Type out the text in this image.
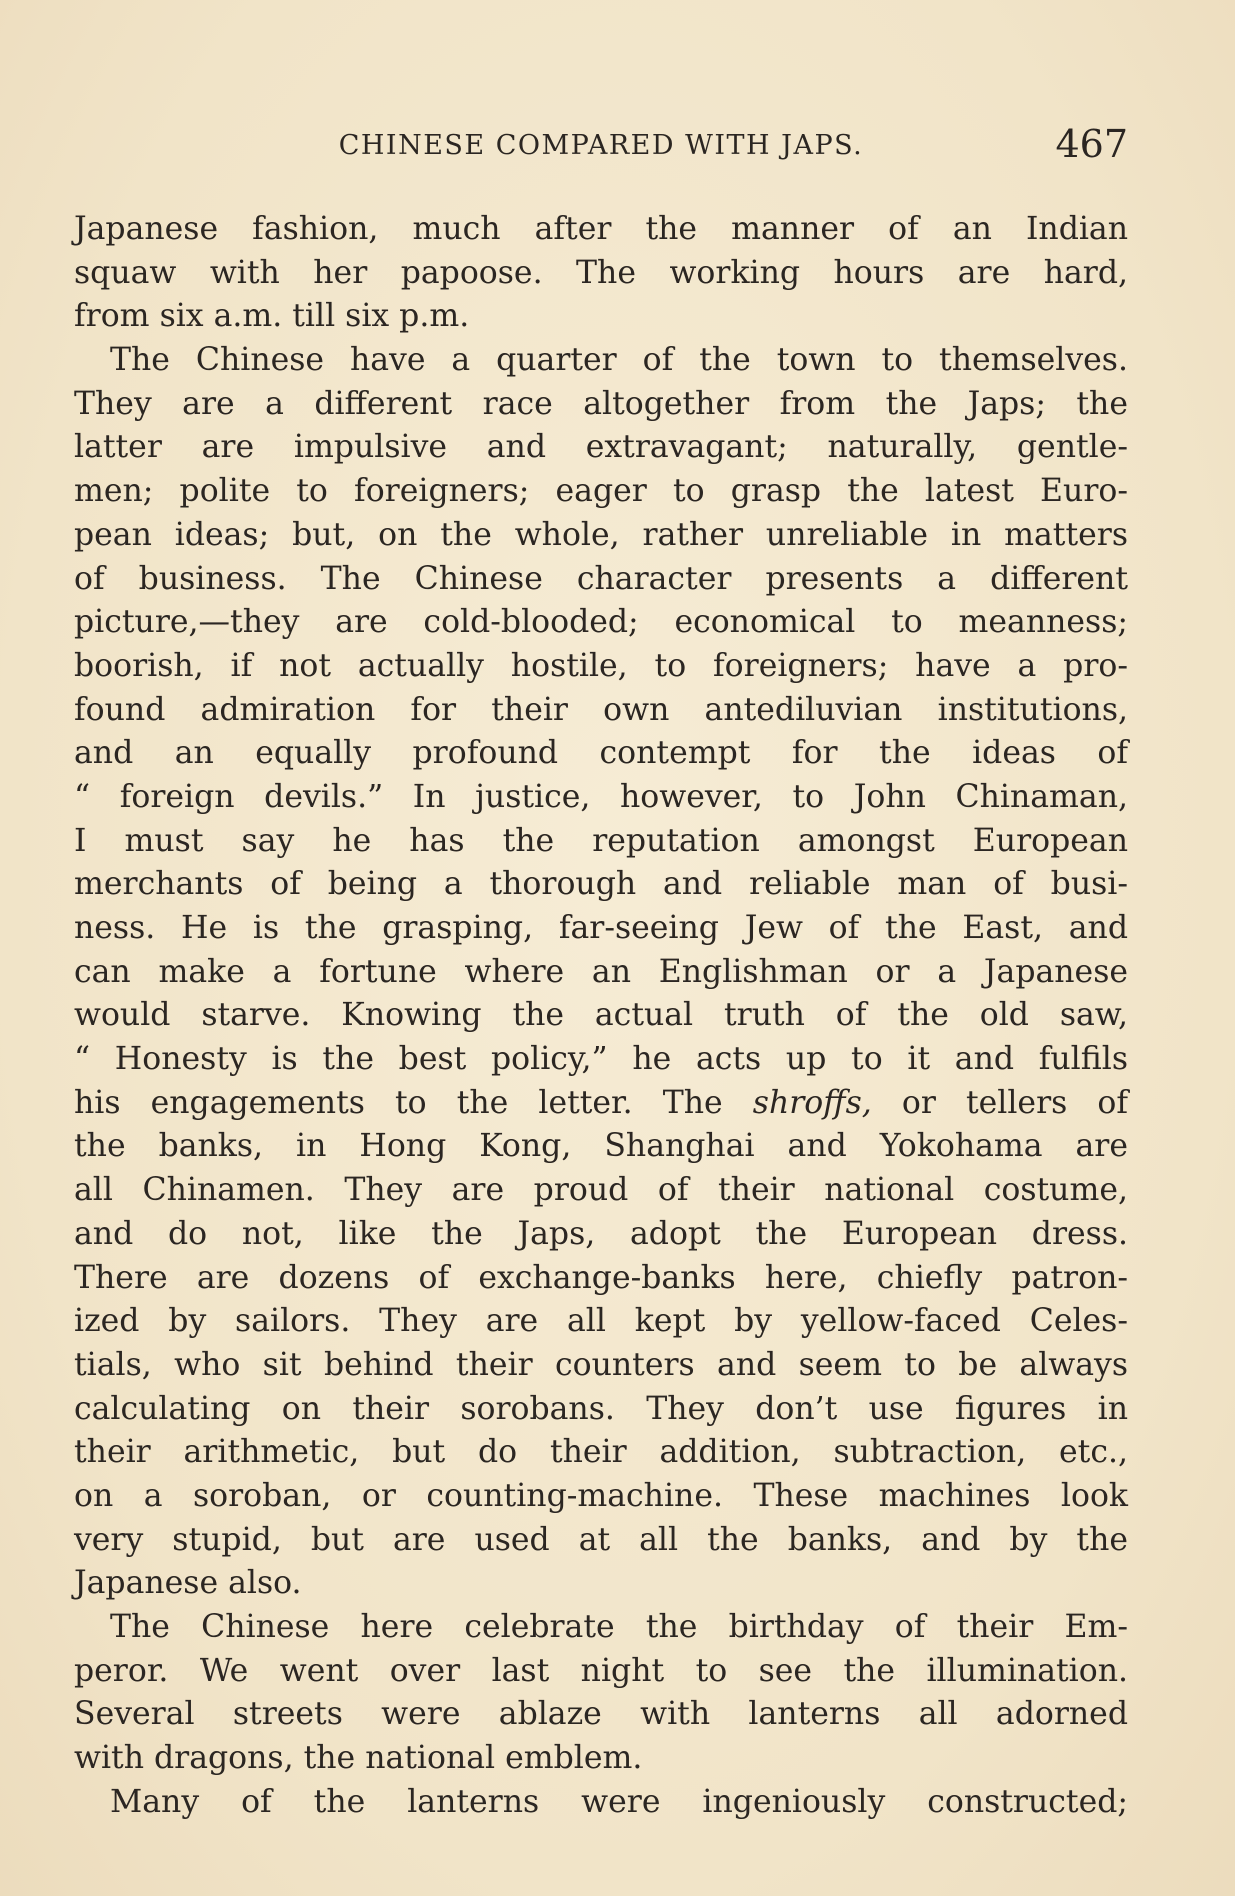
CHINESE COMPARED WITH JAPS.	467
Japanese fashion, much after the manner of an Indian
squaw with her papoose. The working hours are hard,
from six a.m. till six p.m.
The Chinese have a quarter of the town to themselves.
They are a different race altogether from the Japs; the
latter are impulsive and extravagant; naturally, gentle-
men; polite to foreigners; eager to grasp the latest Euro-
pean ideas; but, on the whole, rather unreliable in matters
of business. The Chinese character presents a different
picture,—they are cold-blooded; economical to meanness;
boorish, if not actually hostile, to foreigners; have a pro-
found admiration for their own antediluvian institutions,
and an equally profound contempt for the ideas of
“ foreign devils.” In justice, however, to John Chinaman,
I must say he has the reputation amongst European
merchants of being a thorough and reliable man of busi-
ness. He is the grasping, far-seeing Jew of the East, and
can make a fortune where an Englishman or a Japanese
would starve. Knowing the actual truth of the old saw,
“ Honesty is the best policy,” he acts up to it and fulfils
his engagements to the letter. The shroffs, or tellers of
the banks, in Hong Kong, Shanghai and Yokohama are
all Chinamen. They are proud of their national costume,
and do not, like the Japs, adopt the European dress.
There are dozens of exchange-banks here, chiefly patron-
ized by sailors. They are all kept by yellow-faced Celes-
tials, who sit behind their counters and seem to be always
calculating on their sorobans. They don’t use figures in
their arithmetic, but do their addition, subtraction, etc.,
on a soroban, or counting-machine. These machines look
very stupid, but are used at all the banks, and by the
Japanese also.
The Chinese here celebrate the birthday of their Em-
peror. We went over last night to see the illumination.
Several streets were ablaze with lanterns all adorned
with dragons, the national emblem.
Many of the lanterns were ingeniously constructed;
